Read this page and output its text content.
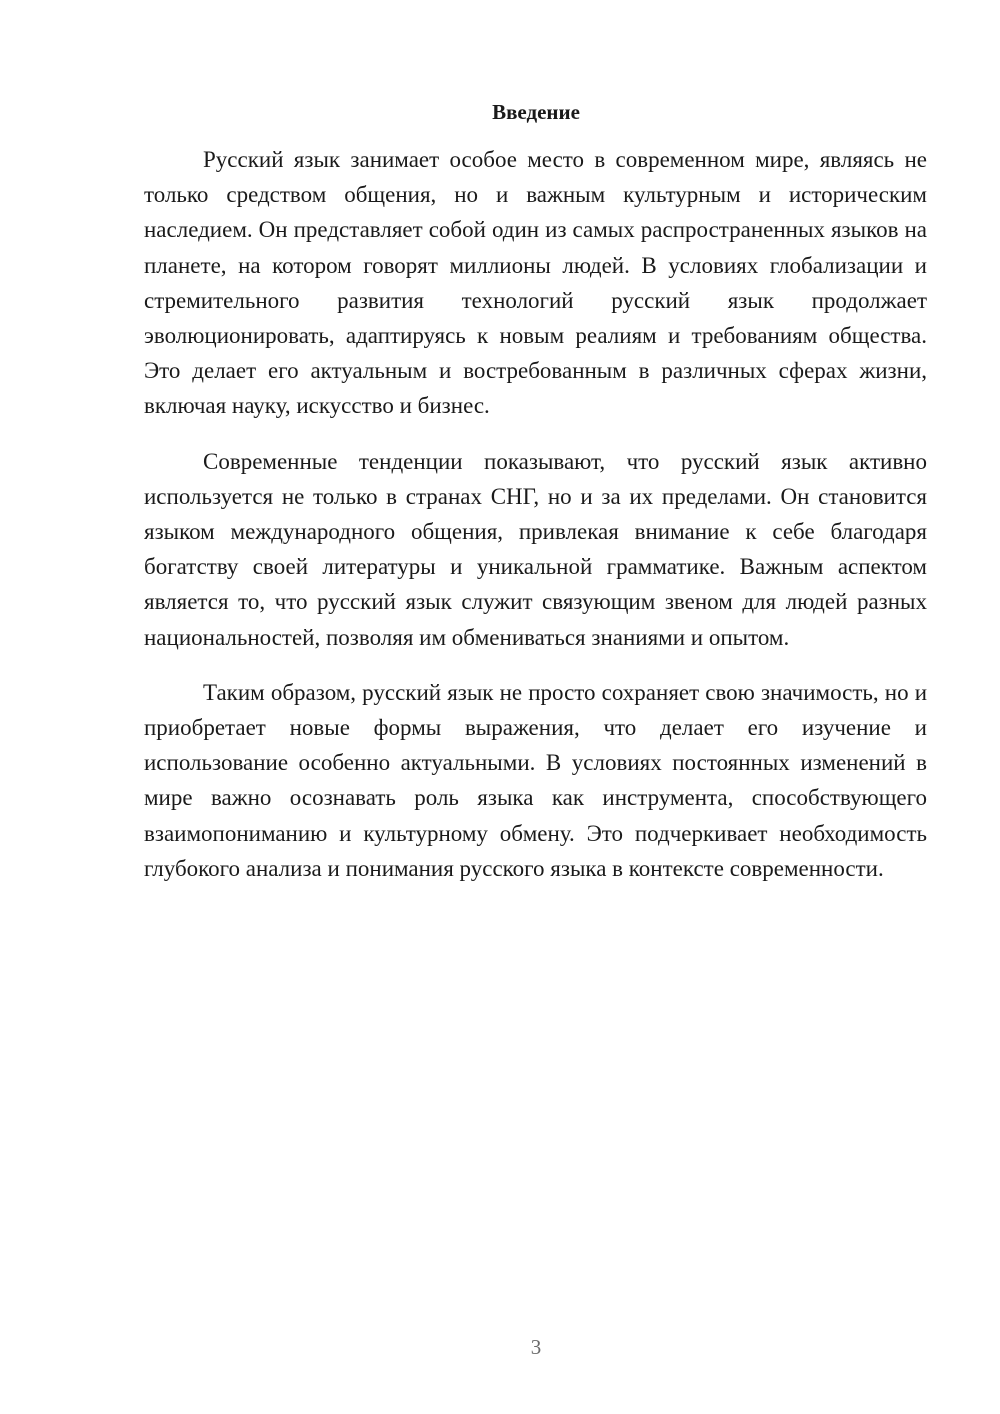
Введение

Русский язык занимает особое место в современном мире, являясь не только средством общения, но и важным культурным и историческим наследием. Он представляет собой один из самых распространенных языков на планете, на котором говорят миллионы людей. В условиях глобализации и стремительного развития технологий русский язык продолжает эволюционировать, адаптируясь к новым реалиям и требованиям общества. Это делает его актуальным и востребованным в различных сферах жизни, включая науку, искусство и бизнес.

Современные тенденции показывают, что русский язык активно используется не только в странах СНГ, но и за их пределами. Он становится языком международного общения, привлекая внимание к себе благодаря богатству своей литературы и уникальной грамматике. Важным аспектом является то, что русский язык служит связующим звеном для людей разных национальностей, позволяя им обмениваться знаниями и опытом.

Таким образом, русский язык не просто сохраняет свою значимость, но и приобретает новые формы выражения, что делает его изучение и использование особенно актуальными. В условиях постоянных изменений в мире важно осознавать роль языка как инструмента, способствующего взаимопониманию и культурному обмену. Это подчеркивает необходимость глубокого анализа и понимания русского языка в контексте современности.

3
